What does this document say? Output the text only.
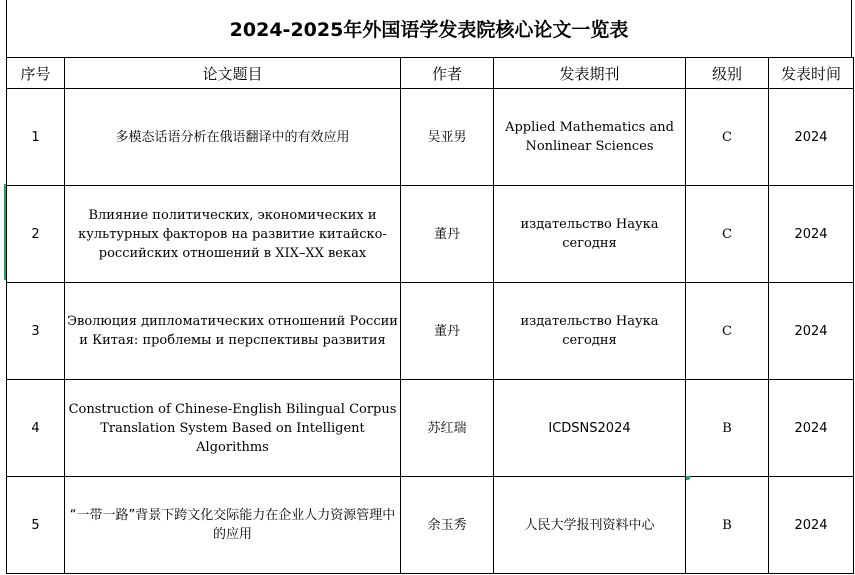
2024-2025年外国语学发表院核心论文一览表
序号	论文题目	作者	发表期刊	级别	发表时间
1	多模态话语分析在俄语翻译中的有效应用	吴亚男	Applied Mathematics and Nonlinear Sciences	C	2024
2	Влияние политических, экономических и культурных факторов на развитие китайско-российских отношений в XIX–XX веках	董丹	издательство Наука сегодня	C	2024
3	Эволюция дипломатических отношений России и Китая: проблемы и перспективы развития	董丹	издательство Наука сегодня	C	2024
4	Construction of Chinese-English Bilingual Corpus Translation System Based on Intelligent Algorithms	苏红瑞	ICDSNS2024	B	2024
5	“一带一路”背景下跨文化交际能力在企业人力资源管理中的应用	余玉秀	人民大学报刊资料中心	B	2024
